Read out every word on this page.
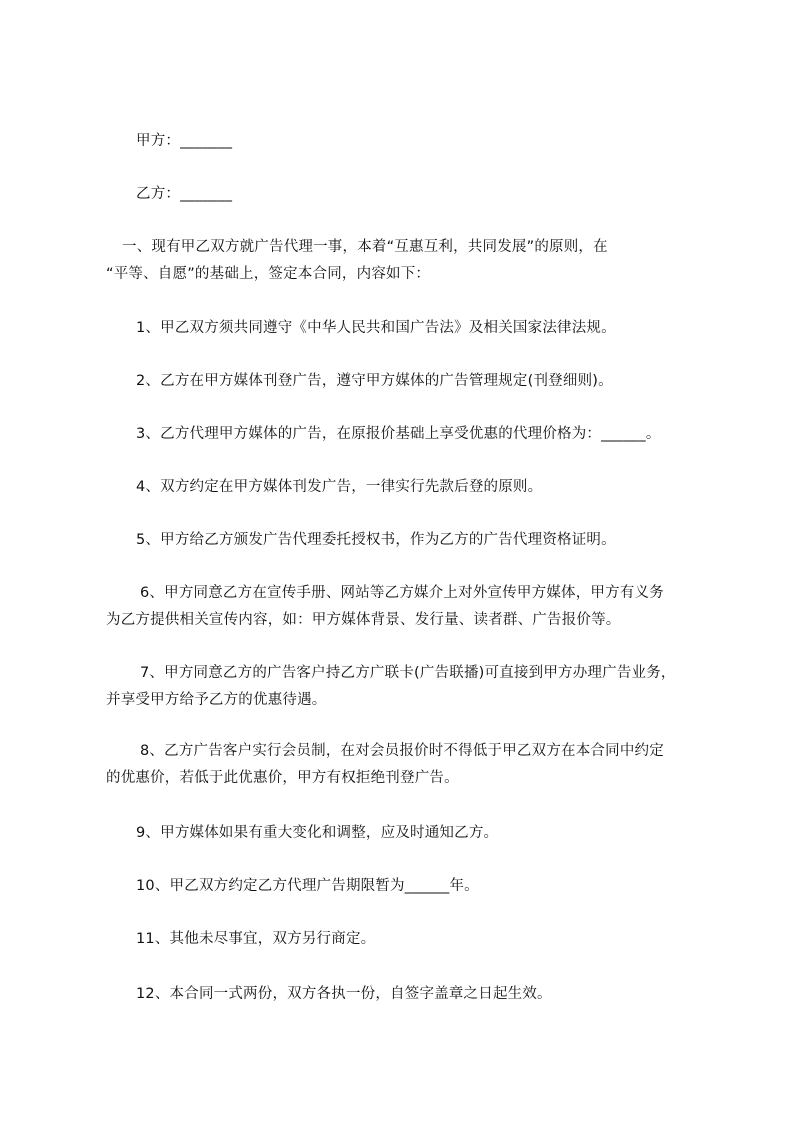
甲方：_______
乙方：_______
一、现有甲乙双方就广告代理一事，本着“互惠互利，共同发展”的原则，在
“平等、自愿”的基础上，签定本合同，内容如下：
1、甲乙双方须共同遵守《中华人民共和国广告法》及相关国家法律法规。
2、乙方在甲方媒体刊登广告，遵守甲方媒体的广告管理规定(刊登细则)。
3、乙方代理甲方媒体的广告，在原报价基础上享受优惠的代理价格为：______。
4、双方约定在甲方媒体刊发广告，一律实行先款后登的原则。
5、甲方给乙方颁发广告代理委托授权书，作为乙方的广告代理资格证明。
6、甲方同意乙方在宣传手册、网站等乙方媒介上对外宣传甲方媒体，甲方有义务
为乙方提供相关宣传内容，如：甲方媒体背景、发行量、读者群、广告报价等。
7、甲方同意乙方的广告客户持乙方广联卡(广告联播)可直接到甲方办理广告业务，
并享受甲方给予乙方的优惠待遇。
8、乙方广告客户实行会员制，在对会员报价时不得低于甲乙双方在本合同中约定
的优惠价，若低于此优惠价，甲方有权拒绝刊登广告。
9、甲方媒体如果有重大变化和调整，应及时通知乙方。
10、甲乙双方约定乙方代理广告期限暂为______年。
11、其他未尽事宜，双方另行商定。
12、本合同一式两份，双方各执一份，自签字盖章之日起生效。
